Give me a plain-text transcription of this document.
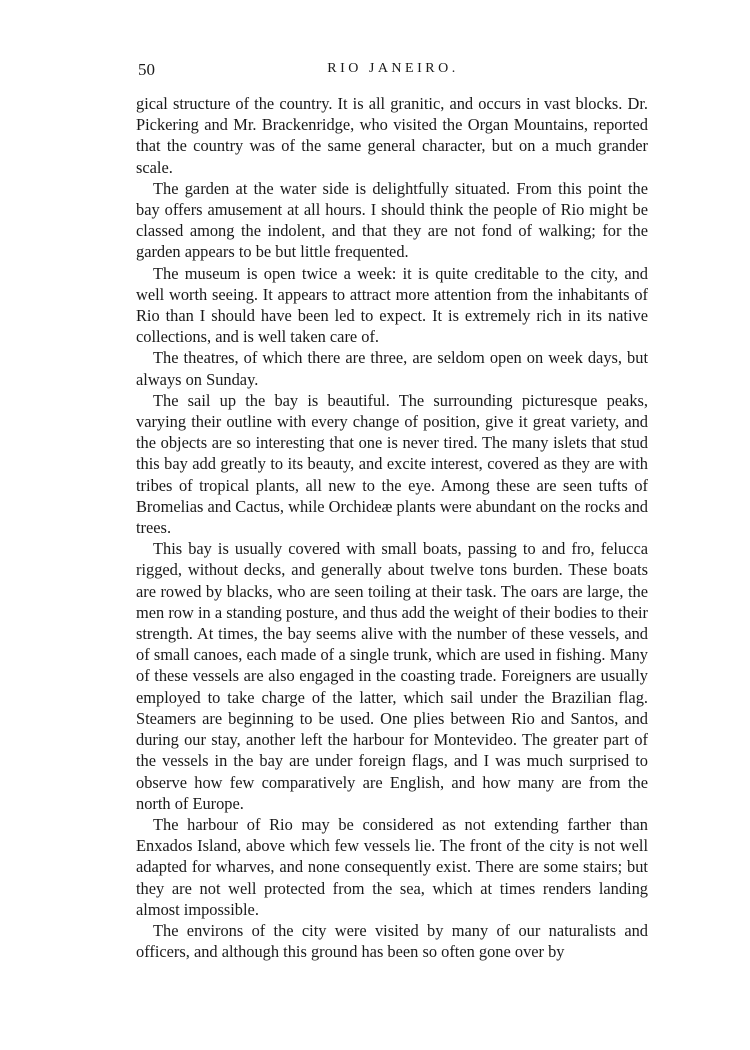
50	RIO JANEIRO.

gical structure of the country. It is all granitic, and occurs in vast blocks. Dr. Pickering and Mr. Brackenridge, who visited the Organ Mountains, reported that the country was of the same general character, but on a much grander scale.

The garden at the water side is delightfully situated. From this point the bay offers amusement at all hours. I should think the people of Rio might be classed among the indolent, and that they are not fond of walking; for the garden appears to be but little frequented.

The museum is open twice a week: it is quite creditable to the city, and well worth seeing. It appears to attract more attention from the inhabitants of Rio than I should have been led to expect. It is extremely rich in its native collections, and is well taken care of.

The theatres, of which there are three, are seldom open on week days, but always on Sunday.

The sail up the bay is beautiful. The surrounding picturesque peaks, varying their outline with every change of position, give it great variety, and the objects are so interesting that one is never tired. The many islets that stud this bay add greatly to its beauty, and excite interest, covered as they are with tribes of tropical plants, all new to the eye. Among these are seen tufts of Bromelias and Cactus, while Orchideæ plants were abundant on the rocks and trees.

This bay is usually covered with small boats, passing to and fro, felucca rigged, without decks, and generally about twelve tons burden. These boats are rowed by blacks, who are seen toiling at their task. The oars are large, the men row in a standing posture, and thus add the weight of their bodies to their strength. At times, the bay seems alive with the number of these vessels, and of small canoes, each made of a single trunk, which are used in fishing. Many of these vessels are also engaged in the coasting trade. Foreigners are usually employed to take charge of the latter, which sail under the Brazilian flag. Steamers are beginning to be used. One plies between Rio and Santos, and during our stay, another left the harbour for Montevideo. The greater part of the vessels in the bay are under foreign flags, and I was much surprised to observe how few comparatively are English, and how many are from the north of Europe.

The harbour of Rio may be considered as not extending farther than Enxados Island, above which few vessels lie. The front of the city is not well adapted for wharves, and none consequently exist. There are some stairs; but they are not well protected from the sea, which at times renders landing almost impossible.

The environs of the city were visited by many of our naturalists and officers, and although this ground has been so often gone over by
